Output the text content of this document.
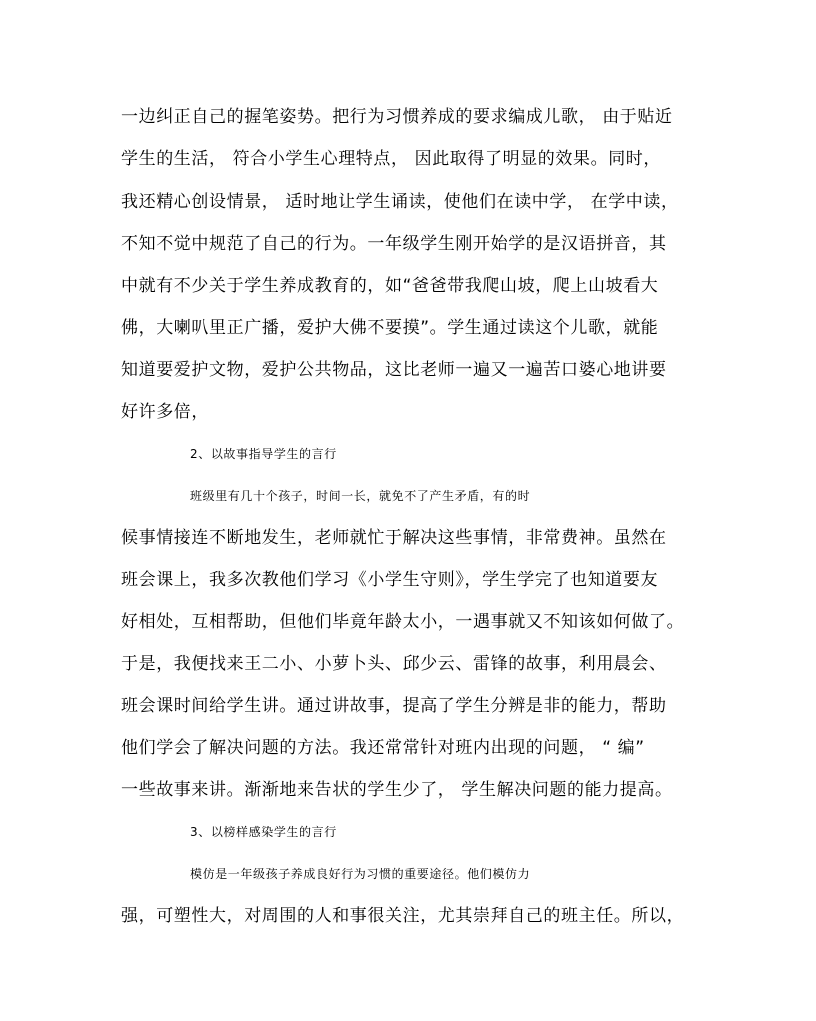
一边纠正自己的握笔姿势。把行为习惯养成的要求编成儿歌， 由于贴近
学生的生活， 符合小学生心理特点， 因此取得了明显的效果。同时，
我还精心创设情景， 适时地让学生诵读，使他们在读中学， 在学中读，
不知不觉中规范了自己的行为。一年级学生刚开始学的是汉语拼音，其
中就有不少关于学生养成教育的，如“爸爸带我爬山坡，爬上山坡看大
佛，大喇叭里正广播，爱护大佛不要摸”。学生通过读这个儿歌，就能
知道要爱护文物，爱护公共物品，这比老师一遍又一遍苦口婆心地讲要
好许多倍，
2、以故事指导学生的言行
班级里有几十个孩子，时间一长，就免不了产生矛盾，有的时
候事情接连不断地发生，老师就忙于解决这些事情，非常费神。虽然在
班会课上，我多次教他们学习《小学生守则》，学生学完了也知道要友
好相处，互相帮助，但他们毕竟年龄太小，一遇事就又不知该如何做了。
于是，我便找来王二小、小萝卜头、邱少云、雷锋的故事，利用晨会、
班会课时间给学生讲。通过讲故事，提高了学生分辨是非的能力，帮助
他们学会了解决问题的方法。我还常常针对班内出现的问题， “ 编”
一些故事来讲。渐渐地来告状的学生少了， 学生解决问题的能力提高。
3、以榜样感染学生的言行
模仿是一年级孩子养成良好行为习惯的重要途径。他们模仿力
强，可塑性大，对周围的人和事很关注，尤其崇拜自己的班主任。所以，
